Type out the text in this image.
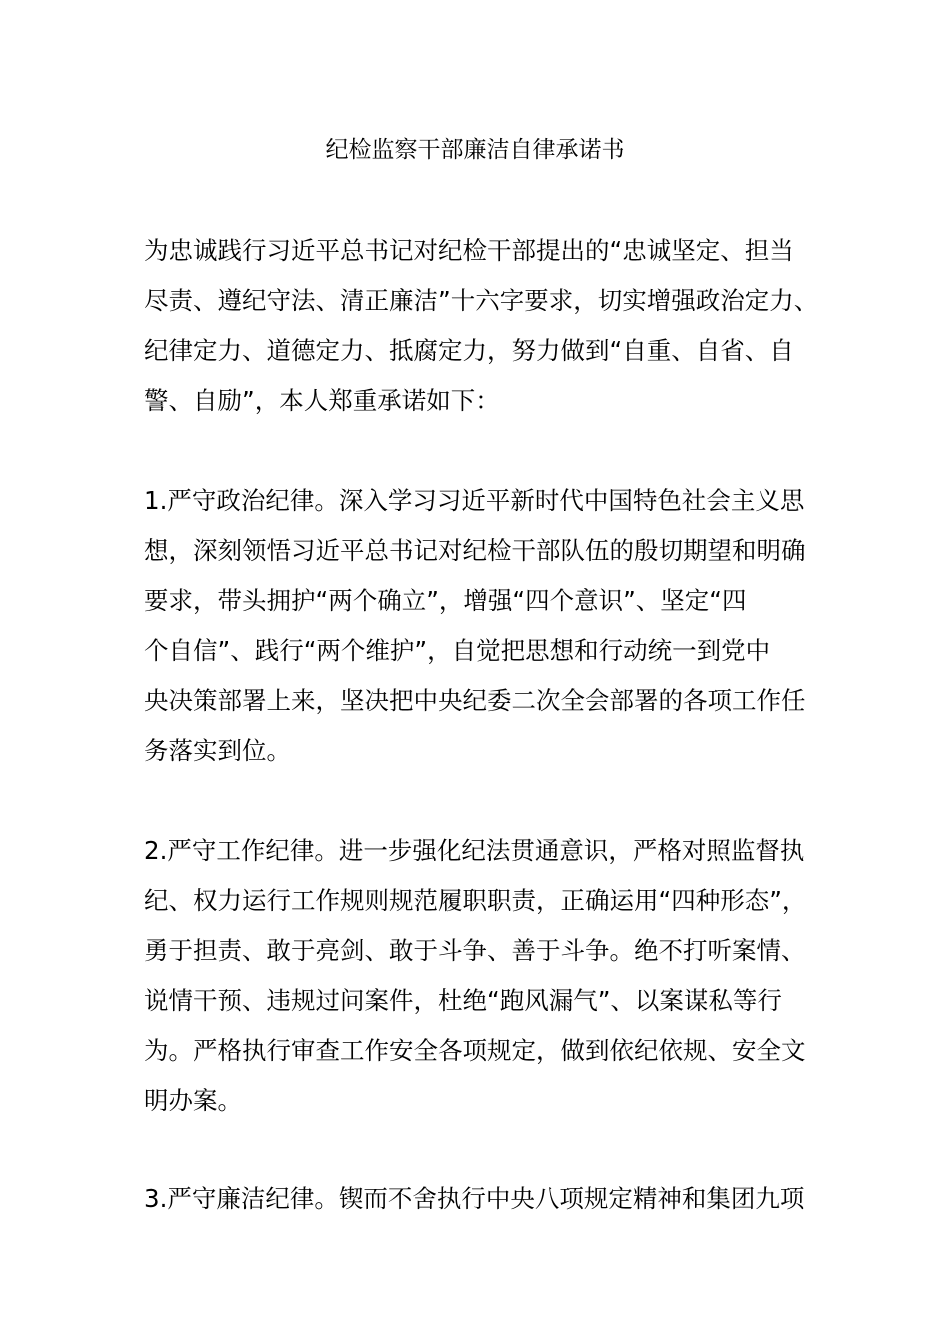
纪检监察干部廉洁自律承诺书
为忠诚践行习近平总书记对纪检干部提出的“忠诚坚定、担当
尽责、遵纪守法、清正廉洁”十六字要求，切实增强政治定力、
纪律定力、道德定力、抵腐定力，努力做到“自重、自省、自
警、自励”，本人郑重承诺如下：
1.严守政治纪律。深入学习习近平新时代中国特色社会主义思
想，深刻领悟习近平总书记对纪检干部队伍的殷切期望和明确
要求，带头拥护“两个确立”，增强“四个意识”、坚定“四
个自信”、践行“两个维护”，自觉把思想和行动统一到党中
央决策部署上来，坚决把中央纪委二次全会部署的各项工作任
务落实到位。
2.严守工作纪律。进一步强化纪法贯通意识，严格对照监督执
纪、权力运行工作规则规范履职职责，正确运用“四种形态”，
勇于担责、敢于亮剑、敢于斗争、善于斗争。绝不打听案情、
说情干预、违规过问案件，杜绝“跑风漏气”、以案谋私等行
为。严格执行审查工作安全各项规定，做到依纪依规、安全文
明办案。
3.严守廉洁纪律。锲而不舍执行中央八项规定精神和集团九项
